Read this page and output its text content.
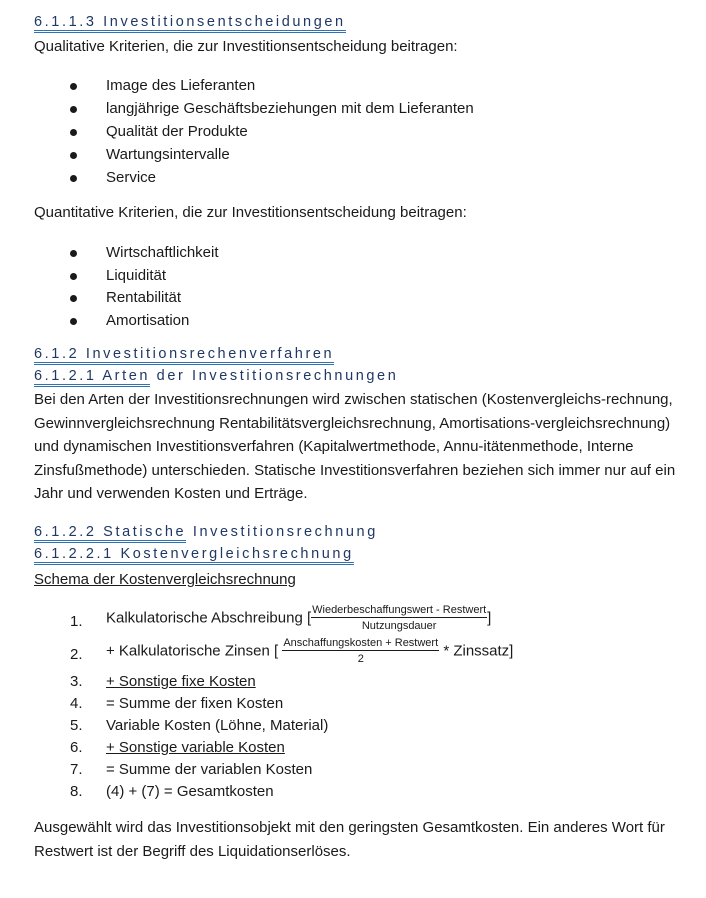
6.1.1.3 Investitionsentscheidungen
Qualitative Kriterien, die zur Investitionsentscheidung beitragen:
Image des Lieferanten
langjährige Geschäftsbeziehungen mit dem Lieferanten
Qualität der Produkte
Wartungsintervalle
Service
Quantitative Kriterien, die zur Investitionsentscheidung beitragen:
Wirtschaftlichkeit
Liquidität
Rentabilität
Amortisation
6.1.2 Investitionsrechenverfahren
6.1.2.1 Arten der Investitionsrechnungen
Bei den Arten der Investitionsrechnungen wird zwischen statischen (Kostenvergleichs-rechnung, Gewinnvergleichsrechnung Rentabilitätsvergleichsrechnung, Amortisations-vergleichsrechnung) und dynamischen Investitionsverfahren (Kapitalwertmethode, Annu-itätenmethode, Interne Zinsfußmethode) unterschieden. Statische Investitionsverfahren beziehen sich immer nur auf ein Jahr und verwenden Kosten und Erträge.
6.1.2.2 Statische Investitionsrechnung
6.1.2.2.1 Kostenvergleichsrechnung
Schema der Kostenvergleichsrechnung
1.	Kalkulatorische Abschreibung [ $\frac{\text{Wiederbeschaffungswert - Restwert}}{\text{Nutzungsdauer}}$ ]
2.	+ Kalkulatorische Zinsen [ $\frac{\text{Anschaffungskosten + Restwert}}{2}$ * Zinssatz]
3.	+ Sonstige fixe Kosten
4.	= Summe der fixen Kosten
5.	Variable Kosten (Löhne, Material)
6.	+ Sonstige variable Kosten
7.	= Summe der variablen Kosten
8.	(4) + (7) = Gesamtkosten
Ausgewählt wird das Investitionsobjekt mit den geringsten Gesamtkosten. Ein anderes Wort für Restwert ist der Begriff des Liquidationserlöses.
